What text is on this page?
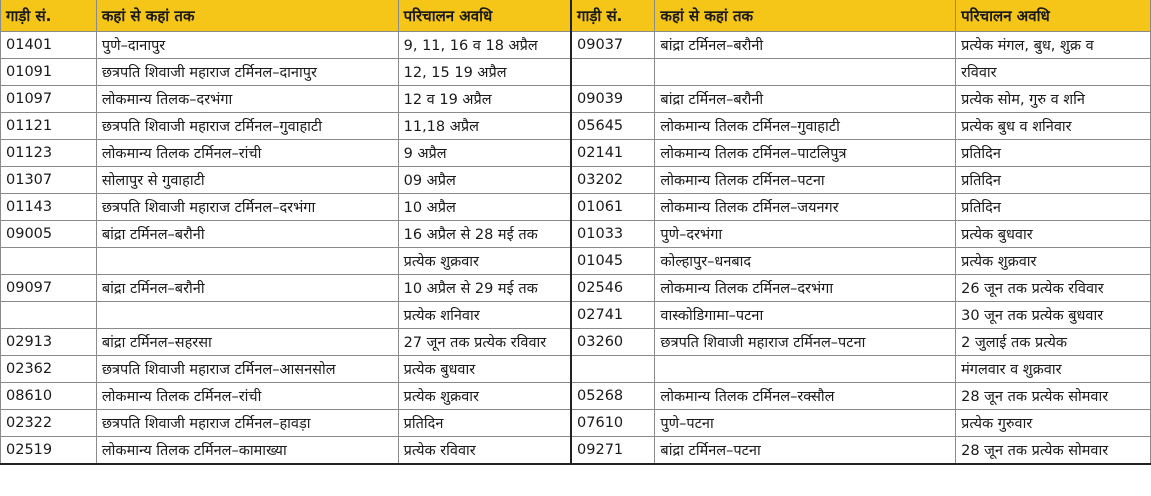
गाड़ी सं.	कहां से कहां तक	परिचालन अवधि	गाड़ी सं.	कहां से कहां तक	परिचालन अवधि
01401	पुणे–दानापुर	9, 11, 16 व 18 अप्रैल	09037	बांद्रा टर्मिनल–बरौनी	प्रत्येक मंगल, बुध, शुक्र व
01091	छत्रपति शिवाजी महाराज टर्मिनल–दानापुर	12, 15 19 अप्रैल			रविवार
01097	लोकमान्य तिलक–दरभंगा	12 व 19 अप्रैल	09039	बांद्रा टर्मिनल–बरौनी	प्रत्येक सोम, गुरु व शनि
01121	छत्रपति शिवाजी महाराज टर्मिनल–गुवाहाटी	11,18 अप्रैल	05645	लोकमान्य तिलक टर्मिनल–गुवाहाटी	प्रत्येक बुध व शनिवार
01123	लोकमान्य तिलक टर्मिनल–रांची	9 अप्रैल	02141	लोकमान्य तिलक टर्मिनल–पाटलिपुत्र	प्रतिदिन
01307	सोलापुर से गुवाहाटी	09 अप्रैल	03202	लोकमान्य तिलक टर्मिनल–पटना	प्रतिदिन
01143	छत्रपति शिवाजी महाराज टर्मिनल–दरभंगा	10 अप्रैल	01061	लोकमान्य तिलक टर्मिनल–जयनगर	प्रतिदिन
09005	बांद्रा टर्मिनल–बरौनी	16 अप्रैल से 28 मई तक	01033	पुणे–दरभंगा	प्रत्येक बुधवार
		प्रत्येक शुक्रवार	01045	कोल्हापुर–धनबाद	प्रत्येक शुक्रवार
09097	बांद्रा टर्मिनल–बरौनी	10 अप्रैल से 29 मई तक	02546	लोकमान्य तिलक टर्मिनल–दरभंगा	26 जून तक प्रत्येक रविवार
		प्रत्येक शनिवार	02741	वास्कोडिगामा–पटना	30 जून तक प्रत्येक बुधवार
02913	बांद्रा टर्मिनल–सहरसा	27 जून तक प्रत्येक रविवार	03260	छत्रपति शिवाजी महाराज टर्मिनल–पटना	2 जुलाई तक प्रत्येक
02362	छत्रपति शिवाजी महाराज टर्मिनल–आसनसोल	प्रत्येक बुधवार			मंगलवार व शुक्रवार
08610	लोकमान्य तिलक टर्मिनल–रांची	प्रत्येक शुक्रवार	05268	लोकमान्य तिलक टर्मिनल–रक्सौल	28 जून तक प्रत्येक सोमवार
02322	छत्रपति शिवाजी महाराज टर्मिनल–हावड़ा	प्रतिदिन	07610	पुणे–पटना	प्रत्येक गुरुवार
02519	लोकमान्य तिलक टर्मिनल–कामाख्या	प्रत्येक रविवार	09271	बांद्रा टर्मिनल–पटना	28 जून तक प्रत्येक सोमवार
